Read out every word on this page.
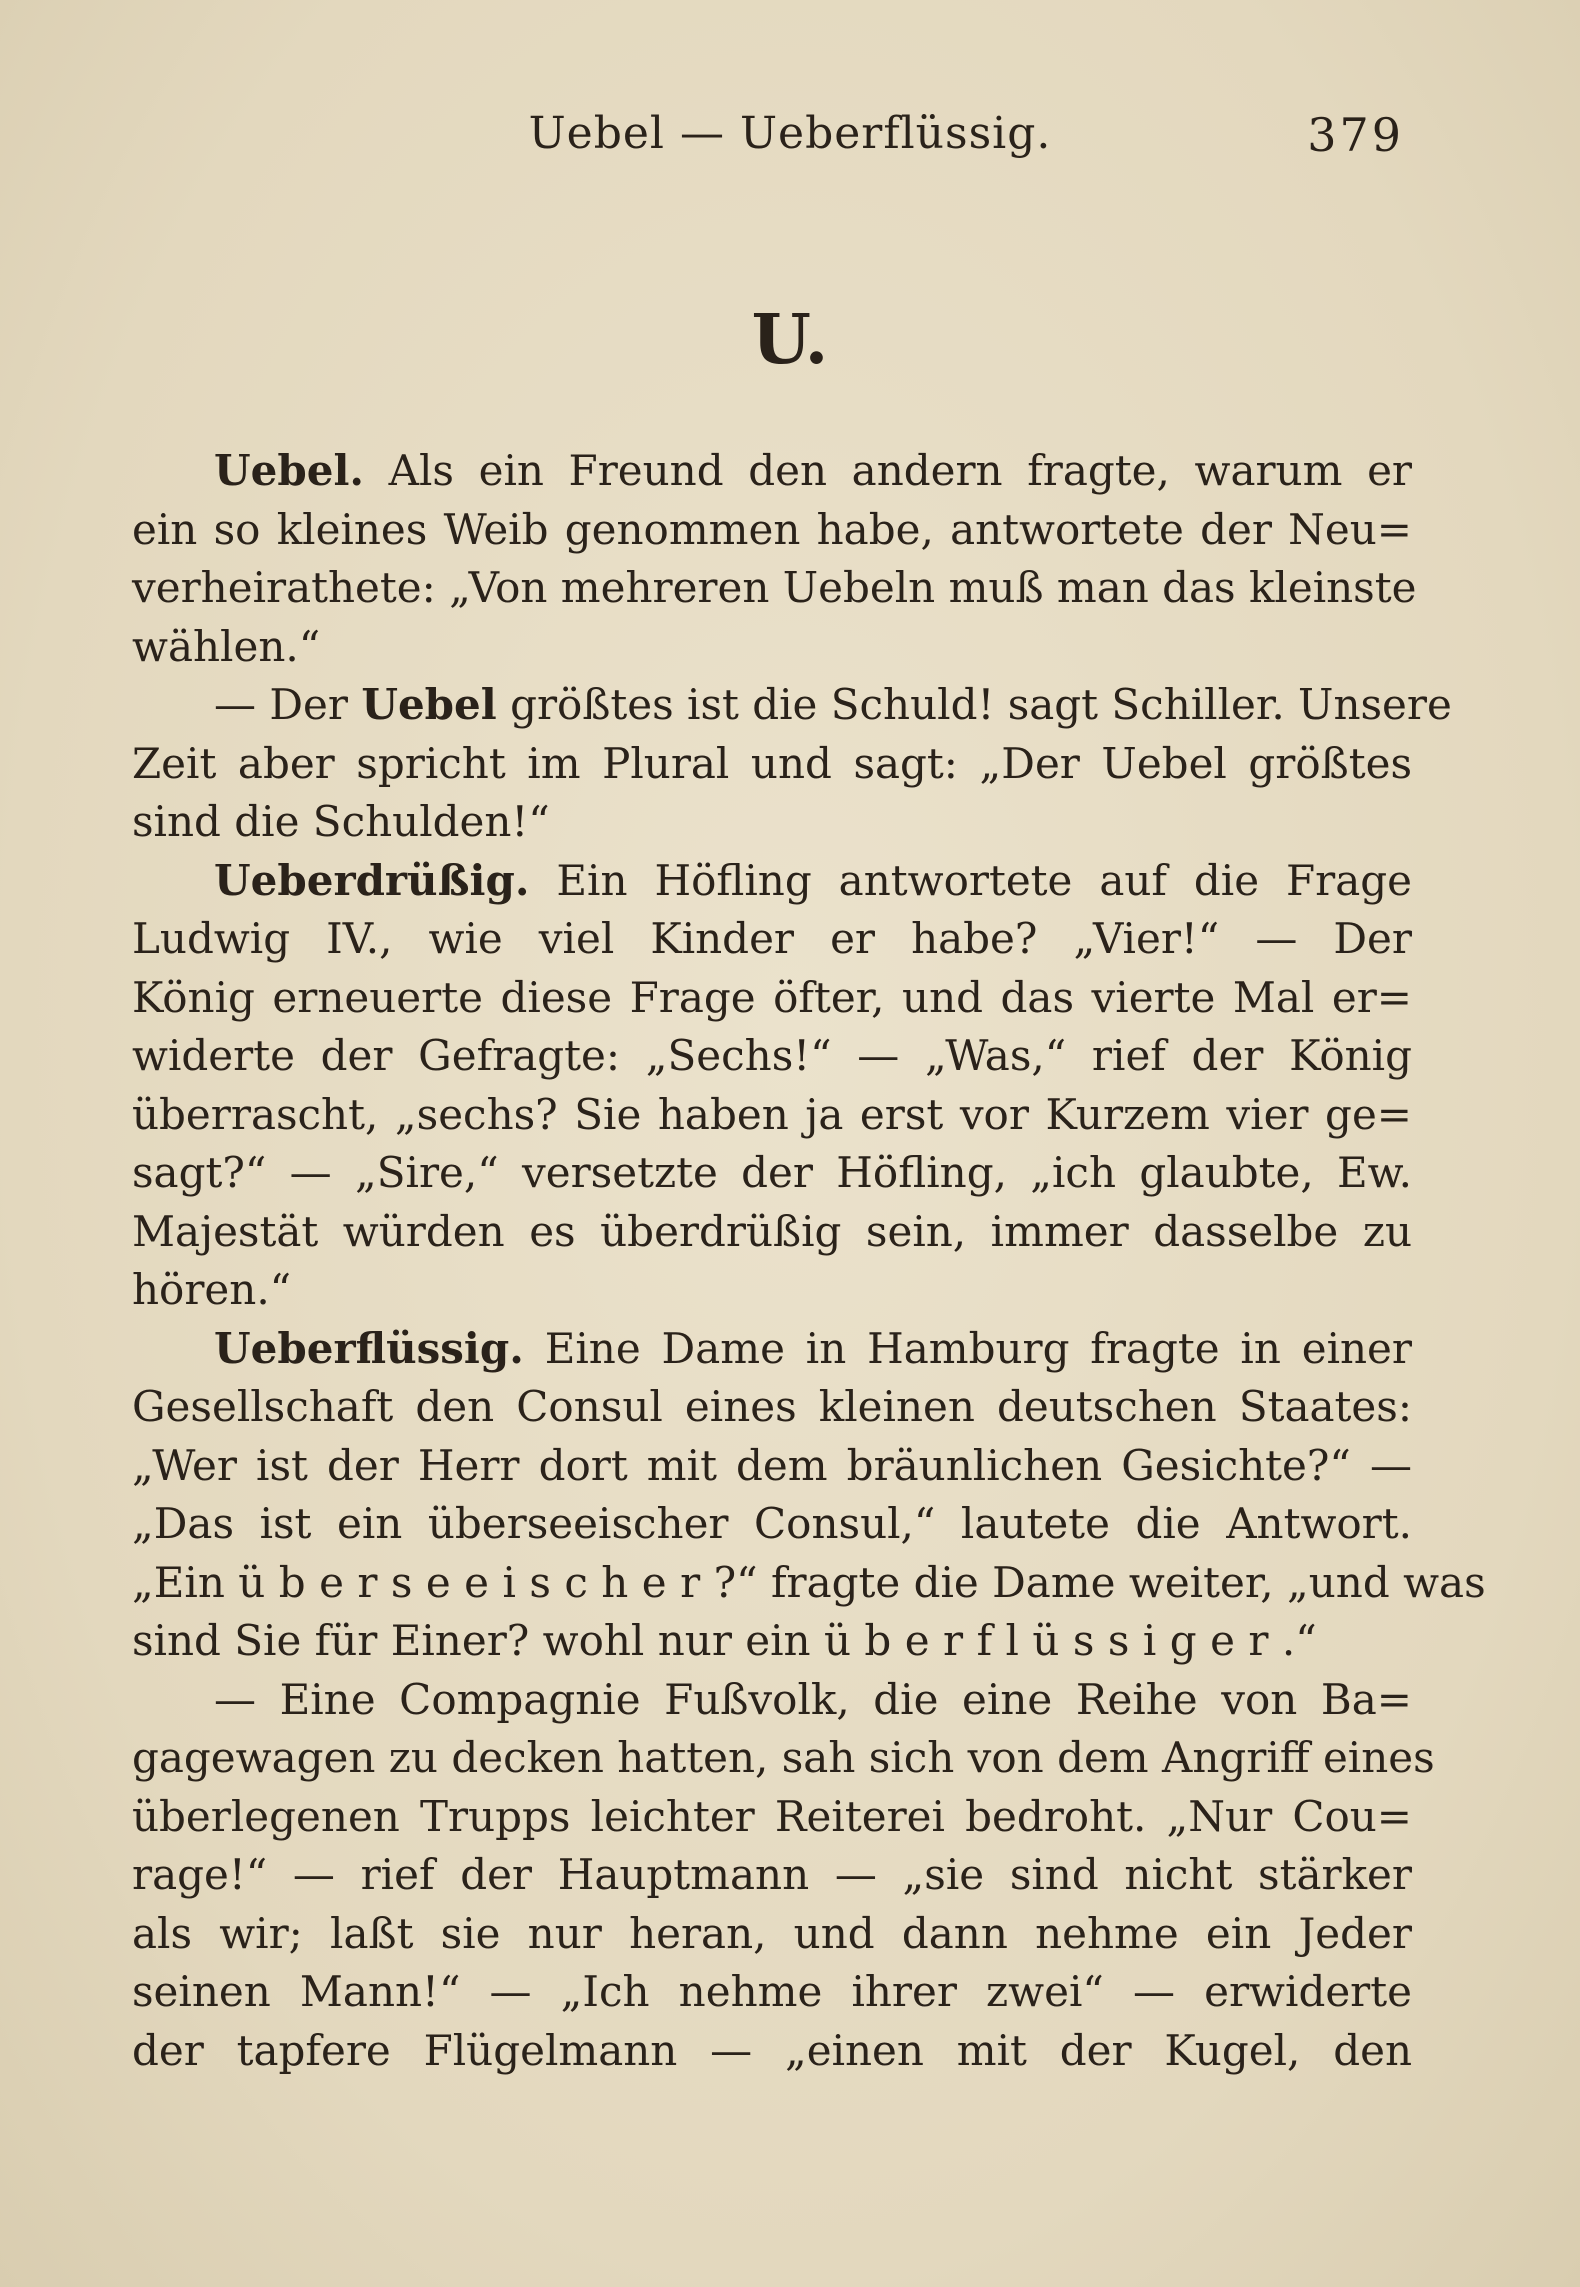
Uebel — Ueberflüssig.	379
U.
Uebel. Als ein Freund den andern fragte, warum er
ein so kleines Weib genommen habe, antwortete der Neu=
verheirathete: „Von mehreren Uebeln muß man das kleinste
wählen.“
— Der Uebel größtes ist die Schuld! sagt Schiller. Unsere
Zeit aber spricht im Plural und sagt: „Der Uebel größtes
sind die Schulden!“
Ueberdrüßig. Ein Höfling antwortete auf die Frage
Ludwig IV., wie viel Kinder er habe? „Vier!“ — Der
König erneuerte diese Frage öfter, und das vierte Mal er=
widerte der Gefragte: „Sechs!“ — „Was,“ rief der König
überrascht, „sechs? Sie haben ja erst vor Kurzem vier ge=
sagt?“ — „Sire,“ versetzte der Höfling, „ich glaubte, Ew.
Majestät würden es überdrüßig sein, immer dasselbe zu
hören.“
Ueberflüssig. Eine Dame in Hamburg fragte in einer
Gesellschaft den Consul eines kleinen deutschen Staates:
„Wer ist der Herr dort mit dem bräunlichen Gesichte?“ —
„Das ist ein überseeischer Consul,“ lautete die Antwort.
„Ein überseeischer?“ fragte die Dame weiter, „und was
sind Sie für Einer? wohl nur ein überflüssiger.“
— Eine Compagnie Fußvolk, die eine Reihe von Ba=
gagewagen zu decken hatten, sah sich von dem Angriff eines
überlegenen Trupps leichter Reiterei bedroht. „Nur Cou=
rage!“ — rief der Hauptmann — „sie sind nicht stärker
als wir; laßt sie nur heran, und dann nehme ein Jeder
seinen Mann!“ — „Ich nehme ihrer zwei“ — erwiderte
der tapfere Flügelmann — „einen mit der Kugel, den
